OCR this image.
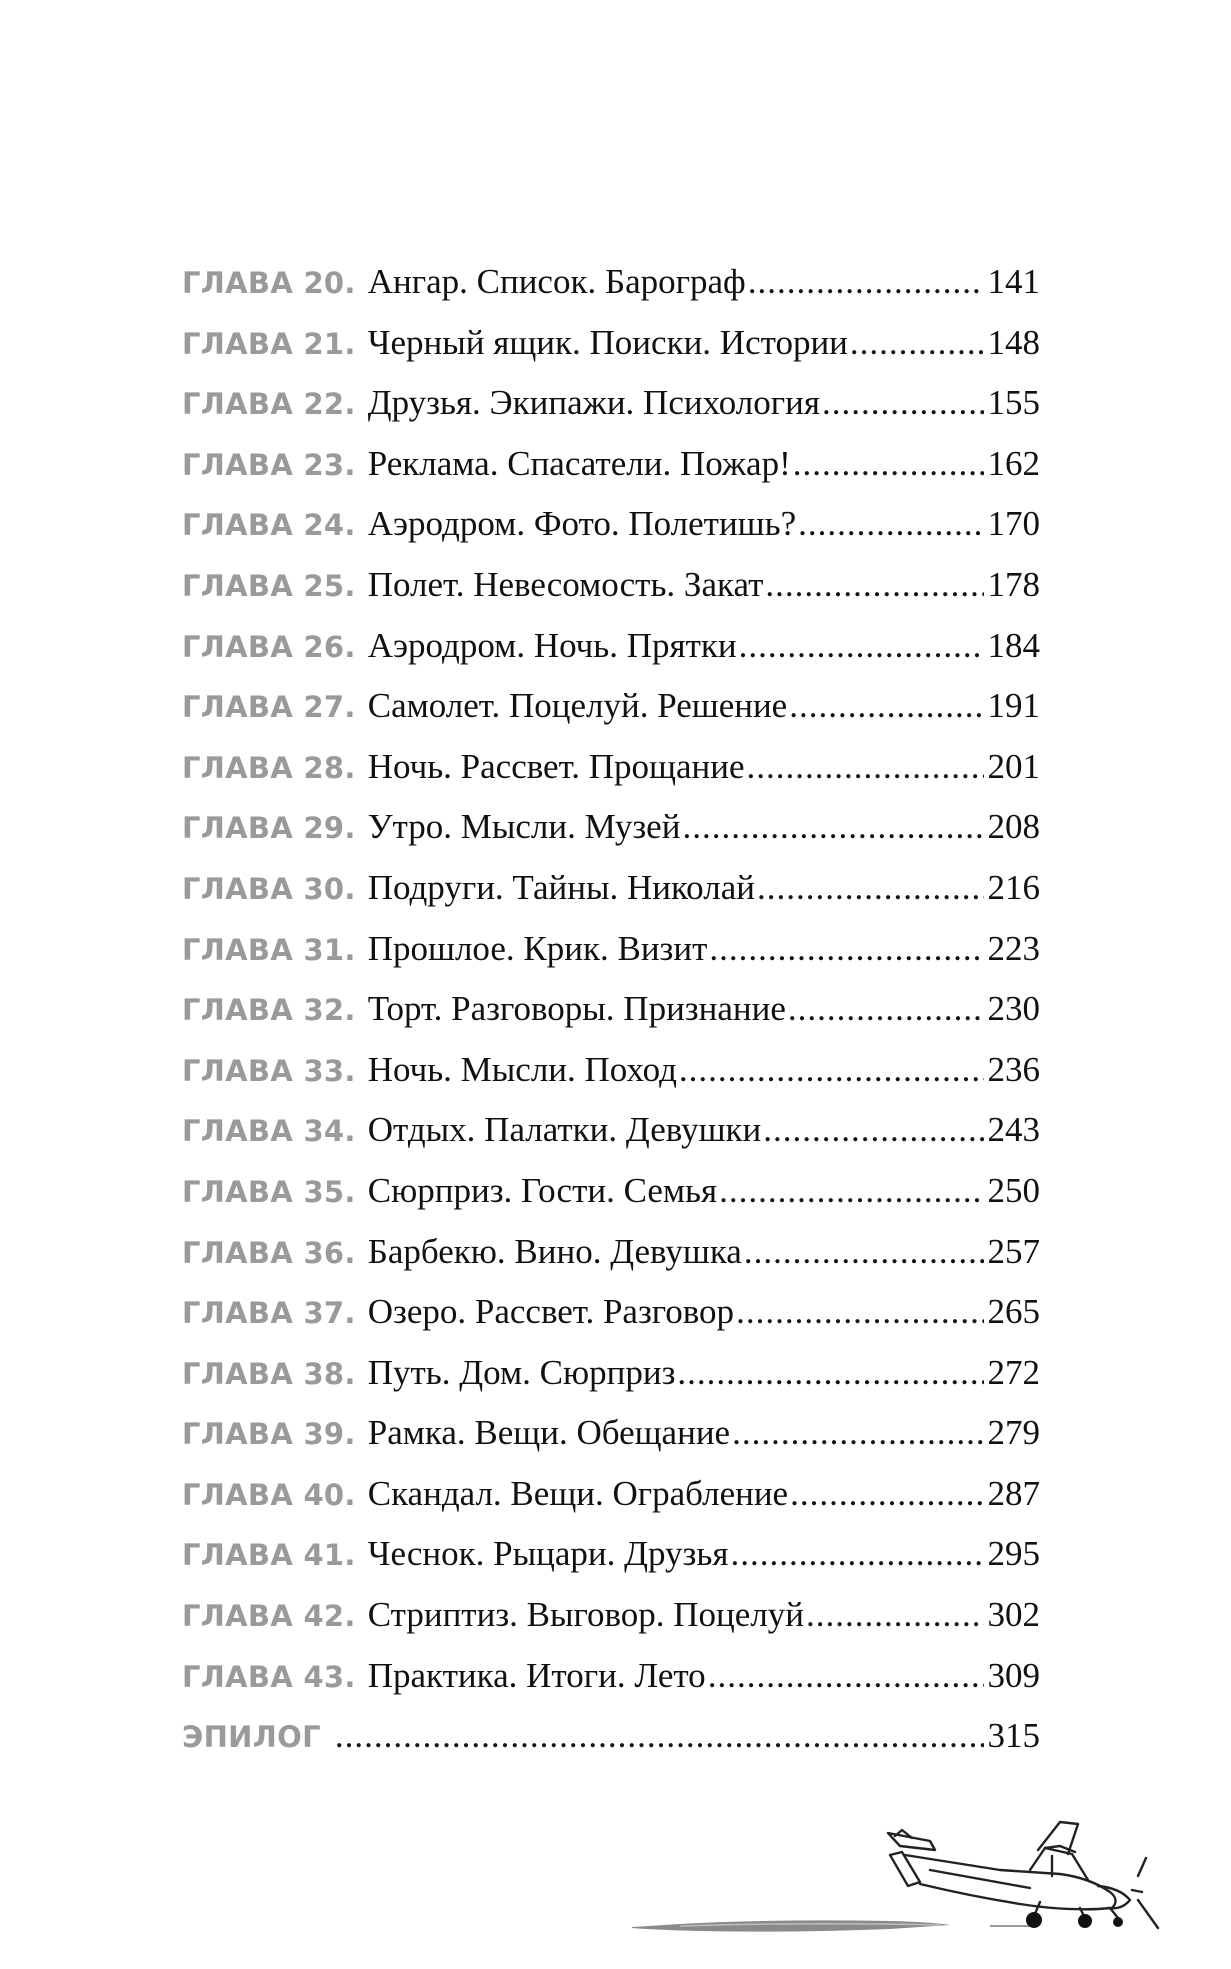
ГЛАВА 20. Ангар. Список. Барограф .....	141
ГЛАВА 21. Черный ящик. Поиски. Истории .....	148
ГЛАВА 22. Друзья. Экипажи. Психология .....	155
ГЛАВА 23. Реклама. Спасатели. Пожар! .....	162
ГЛАВА 24. Аэродром. Фото. Полетишь? .....	170
ГЛАВА 25. Полет. Невесомость. Закат .....	178
ГЛАВА 26. Аэродром. Ночь. Прятки .....	184
ГЛАВА 27. Самолет. Поцелуй. Решение .....	191
ГЛАВА 28. Ночь. Рассвет. Прощание .....	201
ГЛАВА 29. Утро. Мысли. Музей .....	208
ГЛАВА 30. Подруги. Тайны. Николай .....	216
ГЛАВА 31. Прошлое. Крик. Визит .....	223
ГЛАВА 32. Торт. Разговоры. Признание .....	230
ГЛАВА 33. Ночь. Мысли. Поход .....	236
ГЛАВА 34. Отдых. Палатки. Девушки .....	243
ГЛАВА 35. Сюрприз. Гости. Семья .....	250
ГЛАВА 36. Барбекю. Вино. Девушка .....	257
ГЛАВА 37. Озеро. Рассвет. Разговор .....	265
ГЛАВА 38. Путь. Дом. Сюрприз .....	272
ГЛАВА 39. Рамка. Вещи. Обещание .....	279
ГЛАВА 40. Скандал. Вещи. Ограбление .....	287
ГЛАВА 41. Чеснок. Рыцари. Друзья .....	295
ГЛАВА 42. Стриптиз. Выговор. Поцелуй .....	302
ГЛАВА 43. Практика. Итоги. Лето .....	309
ЭПИЛОГ .....	315
